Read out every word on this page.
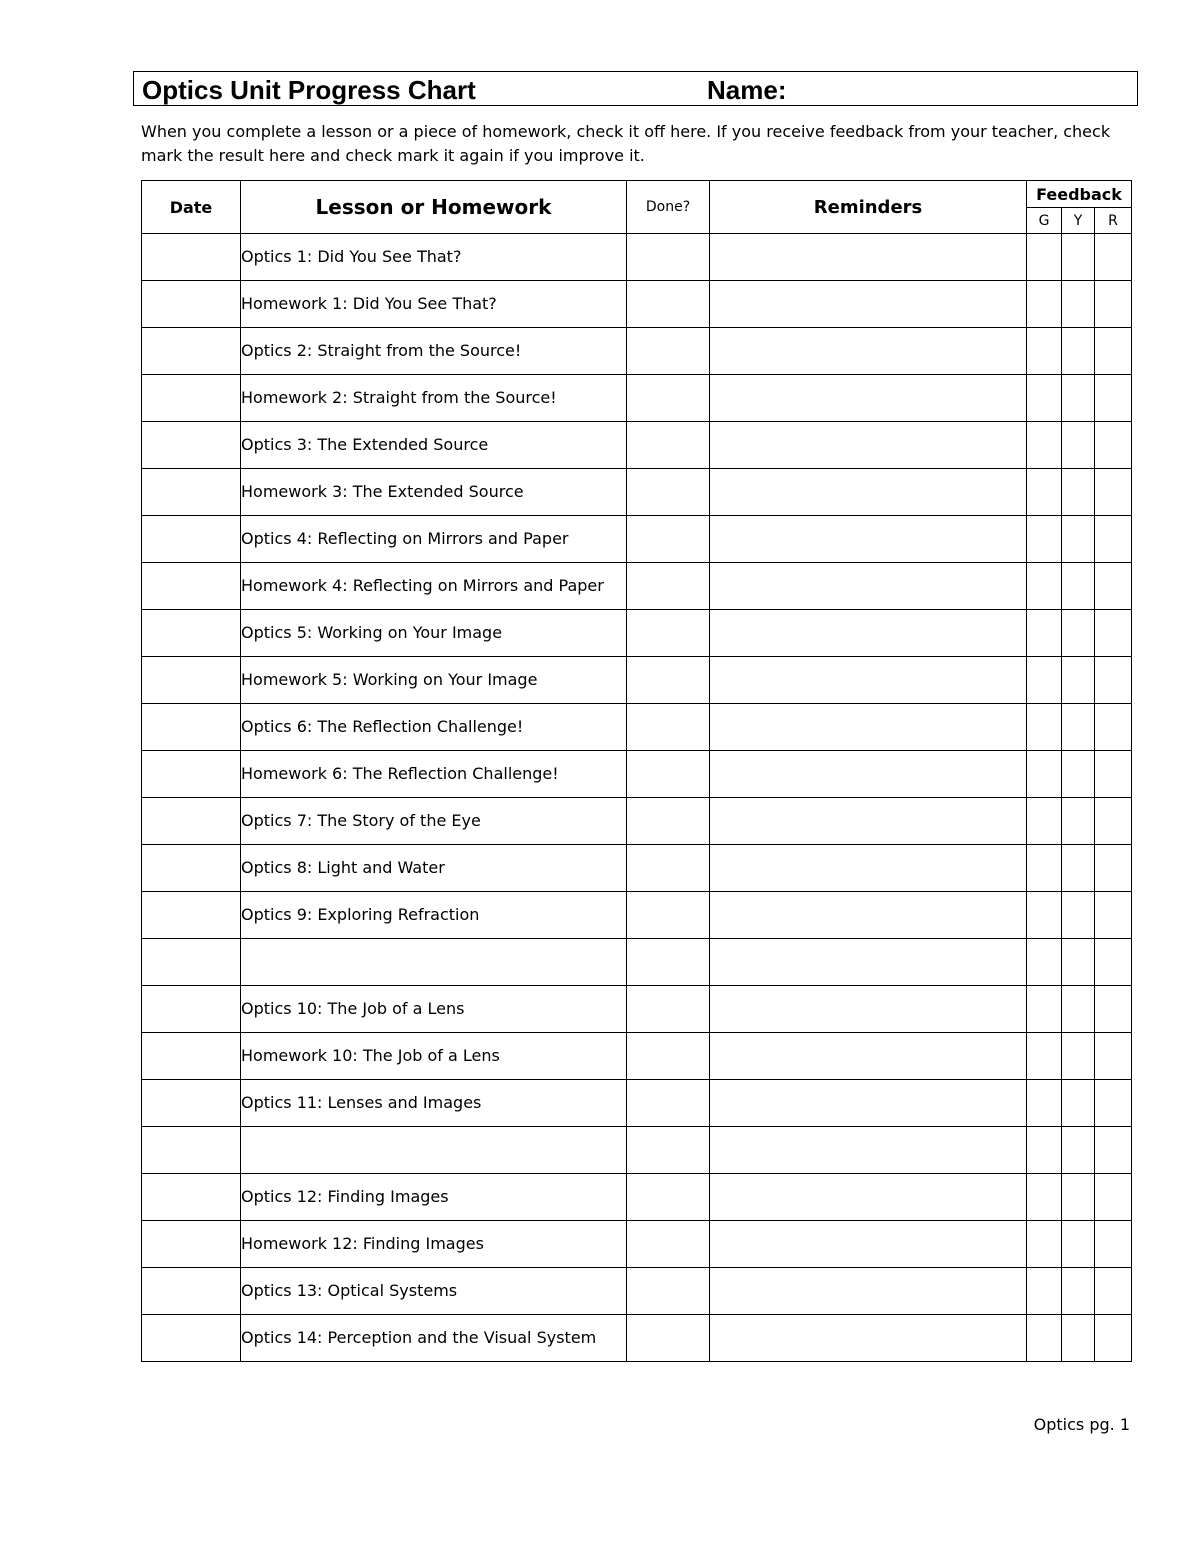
Optics Unit Progress Chart	Name:
When you complete a lesson or a piece of homework, check it off here. If you receive feedback from your teacher, check mark the result here and check mark it again if you improve it.
Date	Lesson or Homework	Done?	Reminders	Feedback		
				G	Y	R
	Optics 1: Did You See That?					
	Homework 1: Did You See That?					
	Optics 2: Straight from the Source!					
	Homework 2: Straight from the Source!					
	Optics 3: The Extended Source					
	Homework 3: The Extended Source					
	Optics 4: Reflecting on Mirrors and Paper					
	Homework 4: Reflecting on Mirrors and Paper					
	Optics 5: Working on Your Image					
	Homework 5: Working on Your Image					
	Optics 6: The Reflection Challenge!					
	Homework 6: The Reflection Challenge!					
	Optics 7: The Story of the Eye					
	Optics 8: Light and Water					
	Optics 9: Exploring Refraction					

	Optics 10: The Job of a Lens					
	Homework 10: The Job of a Lens					
	Optics 11: Lenses and Images					

	Optics 12: Finding Images					
	Homework 12: Finding Images					
	Optics 13: Optical Systems					
	Optics 14: Perception and the Visual System					
Optics pg. 1
